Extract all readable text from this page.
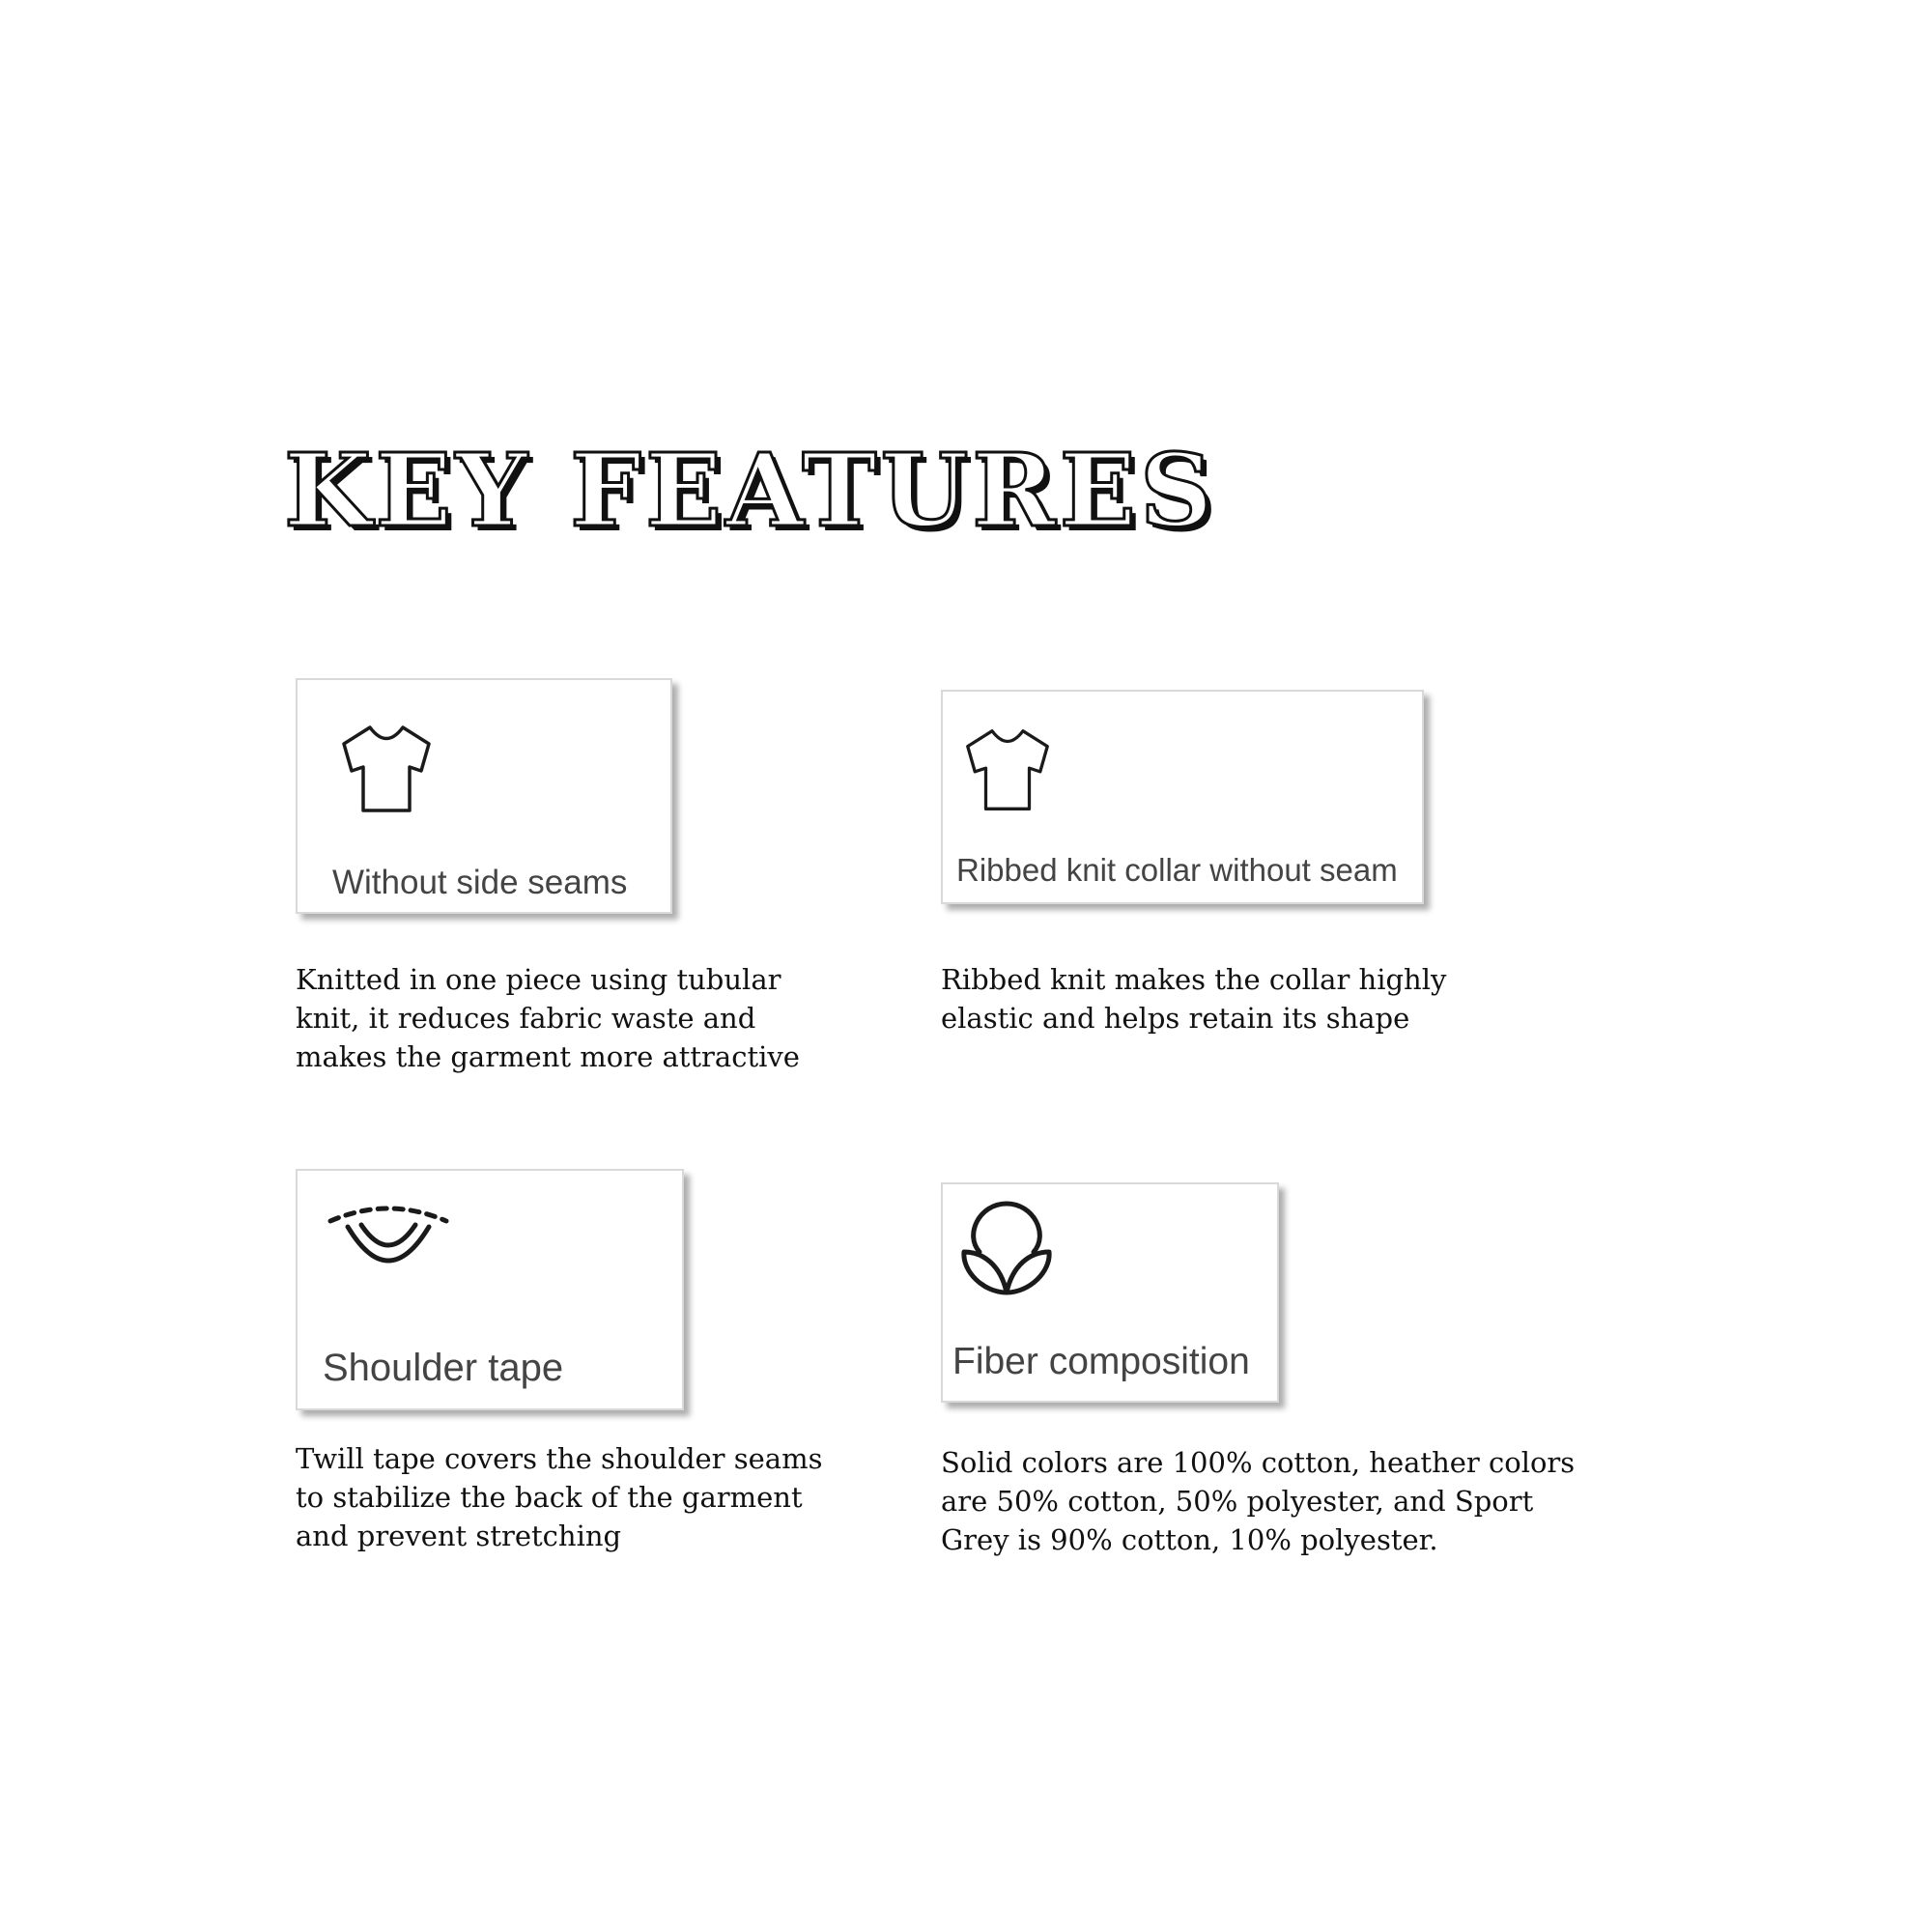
KEY FEATURES
Without side seams

Knitted in one piece using tubular
knit, it reduces fabric waste and
makes the garment more attractive

Ribbed knit collar without seam

Ribbed knit makes the collar highly
elastic and helps retain its shape

Shoulder tape

Twill tape covers the shoulder seams
to stabilize the back of the garment
and prevent stretching

Fiber composition

Solid colors are 100% cotton, heather colors
are 50% cotton, 50% polyester, and Sport
Grey is 90% cotton, 10% polyester.
